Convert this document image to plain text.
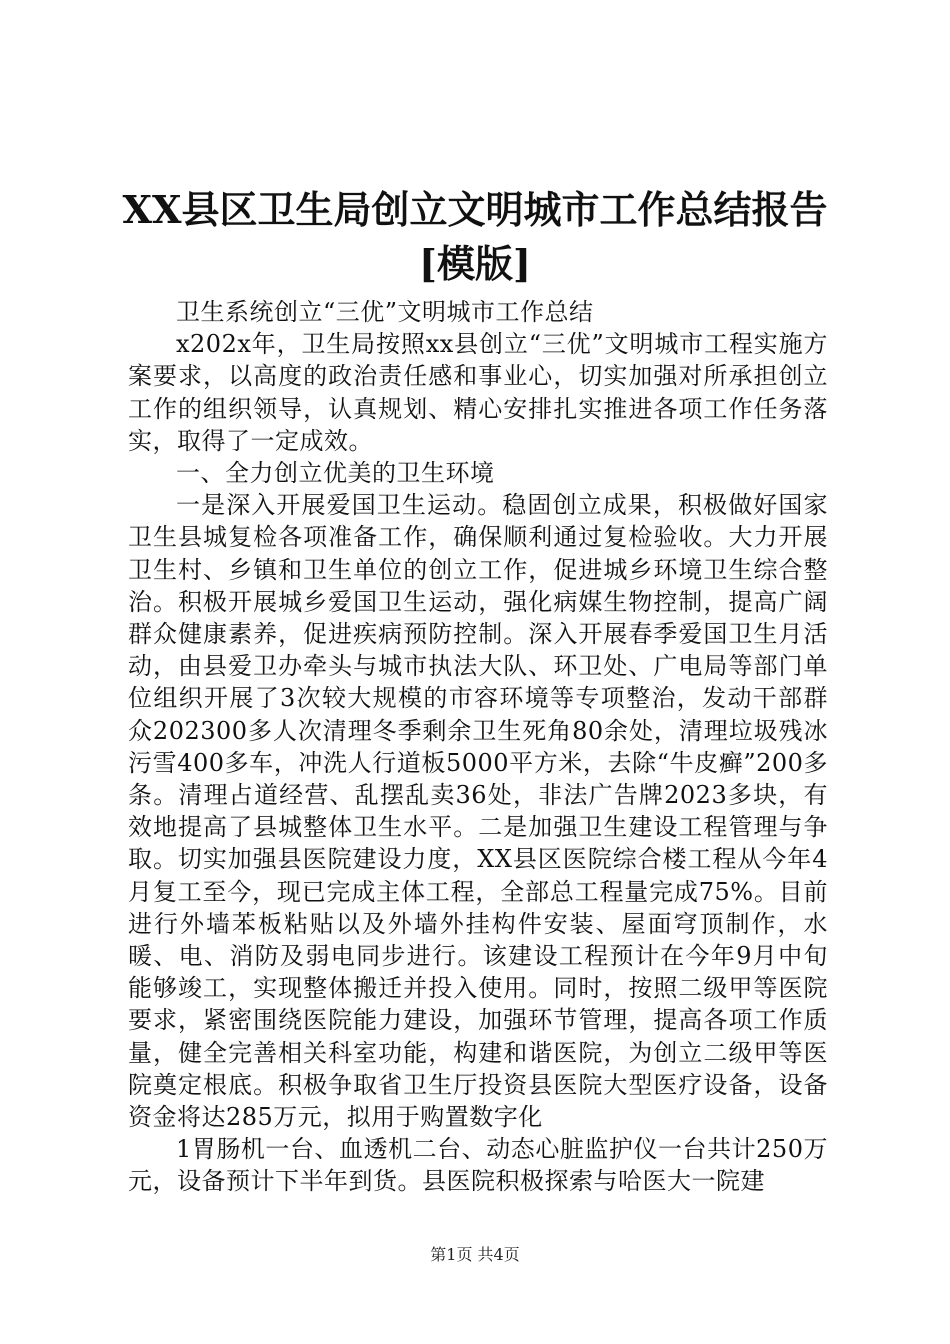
XX县区卫生局创立文明城市工作总结报告[模版]

卫生系统创立“三优”文明城市工作总结

x202x年，卫生局按照xx县创立“三优”文明城市工程实施方案要求，以高度的政治责任感和事业心，切实加强对所承担创立工作的组织领导，认真规划、精心安排扎实推进各项工作任务落实，取得了一定成效。

一、全力创立优美的卫生环境

一是深入开展爱国卫生运动。稳固创立成果，积极做好国家卫生县城复检各项准备工作，确保顺利通过复检验收。大力开展卫生村、乡镇和卫生单位的创立工作，促进城乡环境卫生综合整治。积极开展城乡爱国卫生运动，强化病媒生物控制，提高广阔群众健康素养，促进疾病预防控制。深入开展春季爱国卫生月活动，由县爱卫办牵头与城市执法大队、环卫处、广电局等部门单位组织开展了3次较大规模的市容环境等专项整治，发动干部群众202300多人次清理冬季剩余卫生死角80余处，清理垃圾残冰污雪400多车，冲洗人行道板5000平方米，去除“牛皮癣”200多条。清理占道经营、乱摆乱卖36处，非法广告牌2023多块，有效地提高了县城整体卫生水平。二是加强卫生建设工程管理与争取。切实加强县医院建设力度，XX县区医院综合楼工程从今年4月复工至今，现已完成主体工程，全部总工程量完成75%。目前进行外墙苯板粘贴以及外墙外挂构件安装、屋面穹顶制作，水暖、电、消防及弱电同步进行。该建设工程预计在今年9月中旬能够竣工，实现整体搬迁并投入使用。同时，按照二级甲等医院要求，紧密围绕医院能力建设，加强环节管理，提高各项工作质量，健全完善相关科室功能，构建和谐医院，为创立二级甲等医院奠定根底。积极争取省卫生厅投资县医院大型医疗设备，设备资金将达285万元，拟用于购置数字化

1胃肠机一台、血透机二台、动态心脏监护仪一台共计250万元，设备预计下半年到货。县医院积极探索与哈医大一院建

第1页 共4页
